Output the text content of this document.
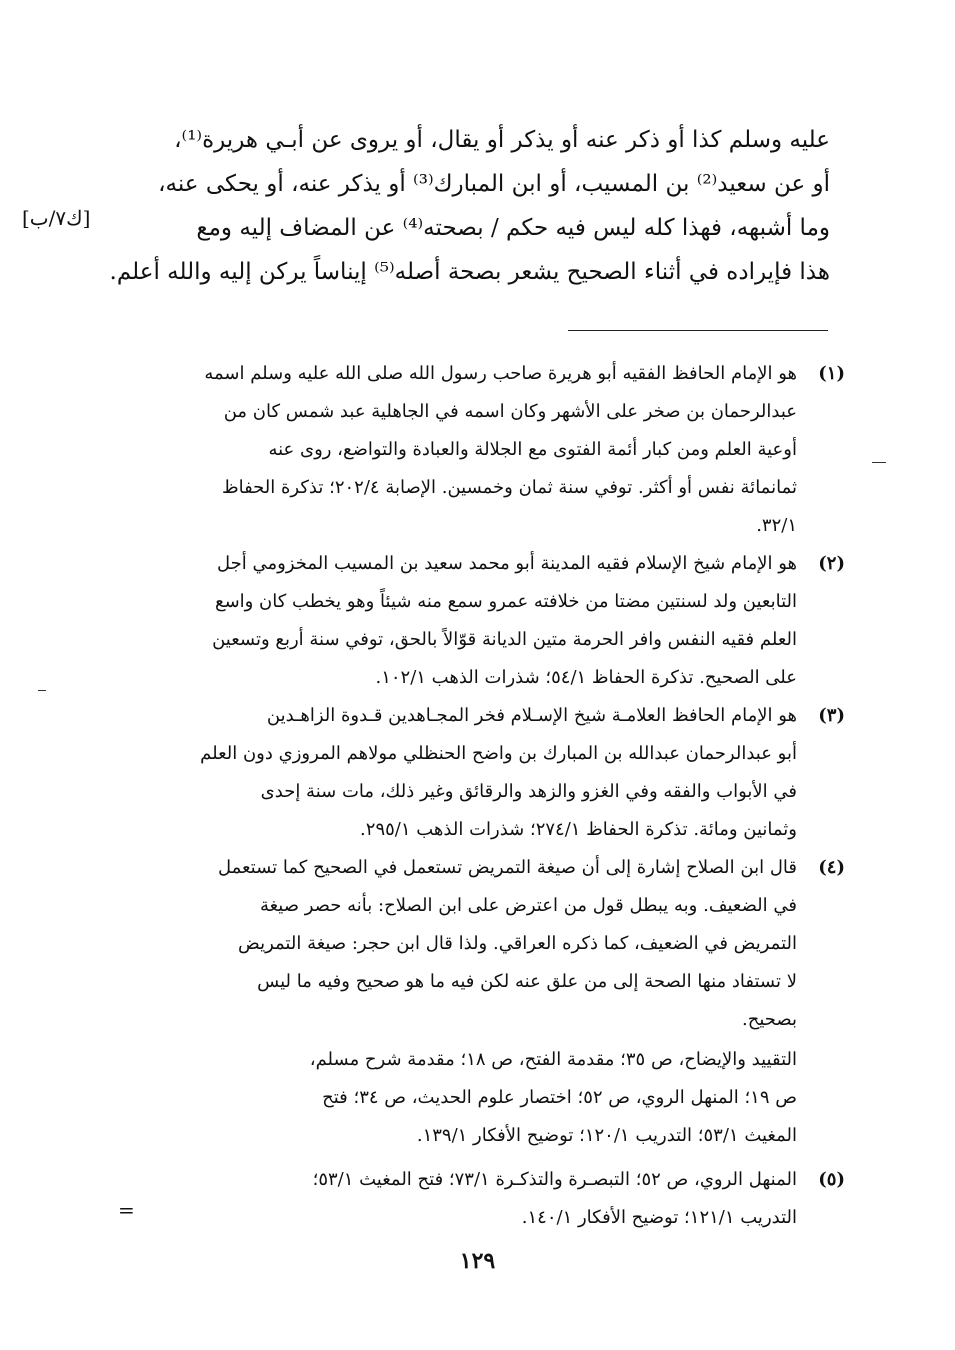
عليه وسلم كذا أو ذكر عنه أو يذكر أو يقال، أو يروى عن أبـي هريرة⁽¹⁾،
أو عن سعيد⁽²⁾ بن المسيب، أو ابن المبارك⁽³⁾ أو يذكر عنه، أو يحكى عنه،
وما أشبهه، فهذا كله ليس فيه حكم / بصحته⁽⁴⁾ عن المضاف إليه ومع
هذا فإيراده في أثناء الصحيح يشعر بصحة أصله⁽⁵⁾ إيناساً يركن إليه والله أعلم.
[ك٧/ب]
(١)
هو الإمام الحافظ الفقيه أبو هريرة صاحب رسول الله صلى الله عليه وسلم اسمه
عبدالرحمان بن صخر على الأشهر وكان اسمه في الجاهلية عبد شمس كان من
أوعية العلم ومن كبار أئمة الفتوى مع الجلالة والعبادة والتواضع، روى عنه
ثمانمائة نفس أو أكثر. توفي سنة ثمان وخمسين. الإصابة ٢٠٢/٤؛ تذكرة الحفاظ
٣٢/١.
(٢)
هو الإمام شيخ الإسلام فقيه المدينة أبو محمد سعيد بن المسيب المخزومي أجل
التابعين ولد لسنتين مضتا من خلافته عمرو سمع منه شيئاً وهو يخطب كان واسع
العلم فقيه النفس وافر الحرمة متين الديانة قوّالاً بالحق، توفي سنة أربع وتسعين
على الصحيح. تذكرة الحفاظ ٥٤/١؛ شذرات الذهب ١٠٢/١.
(٣)
هو الإمام الحافظ العلامـة شيخ الإسـلام فخر المجـاهدين قـدوة الزاهـدين
أبو عبدالرحمان عبدالله بن المبارك بن واضح الحنظلي مولاهم المروزي دون العلم
في الأبواب والفقه وفي الغزو والزهد والرقائق وغير ذلك، مات سنة إحدى
وثمانين ومائة. تذكرة الحفاظ ٢٧٤/١؛ شذرات الذهب ٢٩٥/١.
(٤)
قال ابن الصلاح إشارة إلى أن صيغة التمريض تستعمل في الصحيح كما تستعمل
في الضعيف. وبه يبطل قول من اعترض على ابن الصلاح: بأنه حصر صيغة
التمريض في الضعيف، كما ذكره العراقي. ولذا قال ابن حجر: صيغة التمريض
لا تستفاد منها الصحة إلى من علق عنه لكن فيه ما هو صحيح وفيه ما ليس
بصحيح.
التقييد والإيضاح، ص ٣٥؛ مقدمة الفتح، ص ١٨؛ مقدمة شرح مسلم،
ص ١٩؛ المنهل الروي، ص ٥٢؛ اختصار علوم الحديث، ص ٣٤؛ فتح
المغيث ٥٣/١؛ التدريب ١٢٠/١؛ توضيح الأفكار ١٣٩/١.
(٥)
المنهل الروي، ص ٥٢؛ التبصـرة والتذكـرة ٧٣/١؛ فتح المغيث ٥٣/١؛
التدريب ١٢١/١؛ توضيح الأفكار ١٤٠/١.
=
١٢٩
